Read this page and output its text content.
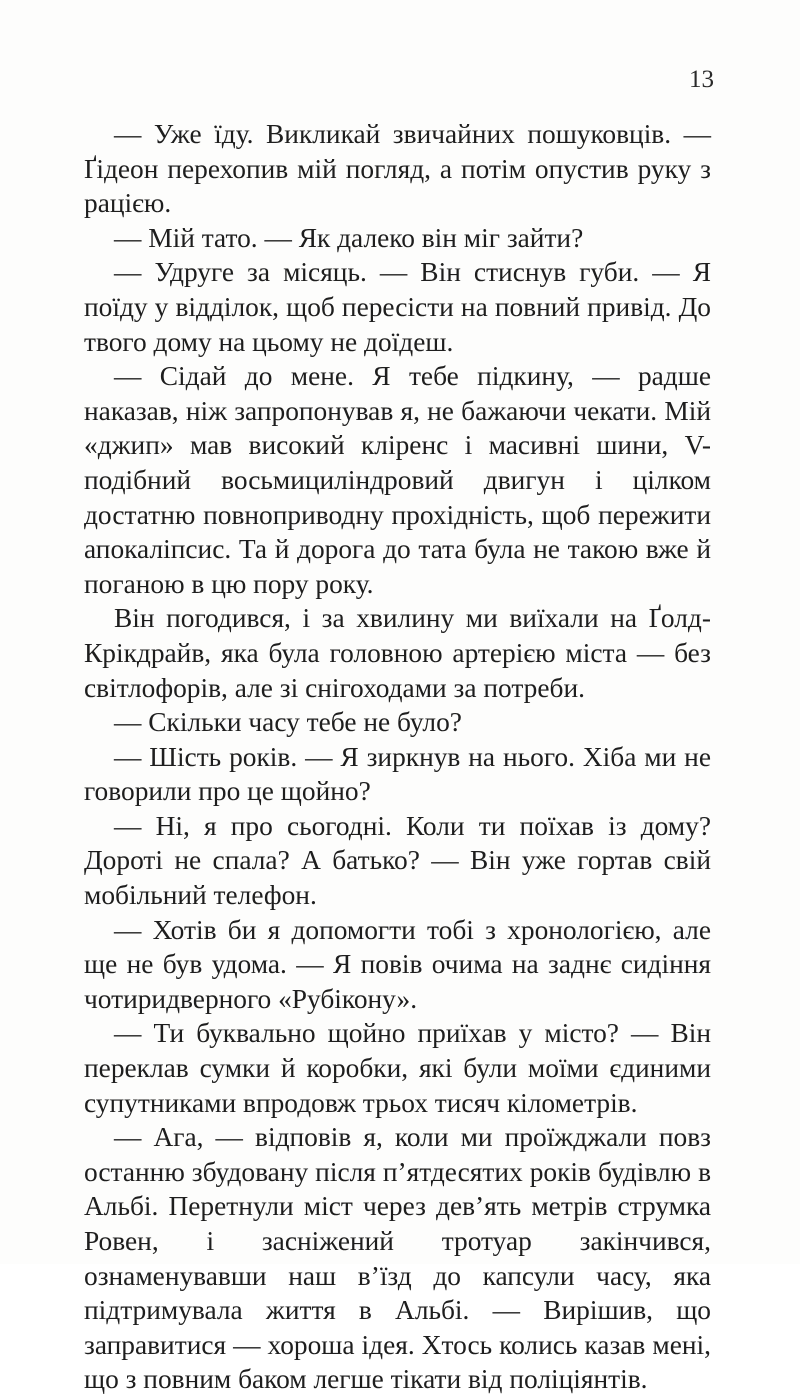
13

— Уже їду. Викликай звичайних пошуковців. — Ґідеон перехопив мій погляд, а потім опустив руку з рацією.

— Мій тато. — Як далеко він міг зайти?

— Удруге за місяць. — Він стиснув губи. — Я поїду у відділок, щоб пересісти на повний привід. До твого дому на цьому не доїдеш.

— Сідай до мене. Я тебе підкину, — радше наказав, ніж запропонував я, не бажаючи чекати. Мій «джип» мав високий кліренс і масивні шини, V-подібний восьмициліндровий двигун і цілком достатню повноприводну прохідність, щоб пережити апокаліпсис. Та й дорога до тата була не такою вже й поганою в цю пору року.

Він погодився, і за хвилину ми виїхали на Ґолд-Крікдрайв, яка була головною артерією міста — без світлофорів, але зі снігоходами за потреби.

— Скільки часу тебе не було?

— Шість років. — Я зиркнув на нього. Хіба ми не говорили про це щойно?

— Ні, я про сьогодні. Коли ти поїхав із дому? Дороті не спала? А батько? — Він уже гортав свій мобільний телефон.

— Хотів би я допомогти тобі з хронологією, але ще не був удома. — Я повів очима на заднє сидіння чотиридверного «Рубікону».

— Ти буквально щойно приїхав у місто? — Він переклав сумки й коробки, які були моїми єдиними супутниками впродовж трьох тисяч кілометрів.

— Ага, — відповів я, коли ми проїжджали повз останню збудовану після п’ятдесятих років будівлю в Альбі. Перетнули міст через дев’ять метрів струмка Ровен, і засніжений тротуар закінчився, ознаменувавши наш в’їзд до капсули часу, яка підтримувала життя в Альбі. — Вирішив, що заправитися — хороша ідея. Хтось колись казав мені, що з повним баком легше тікати від поліціянтів.
